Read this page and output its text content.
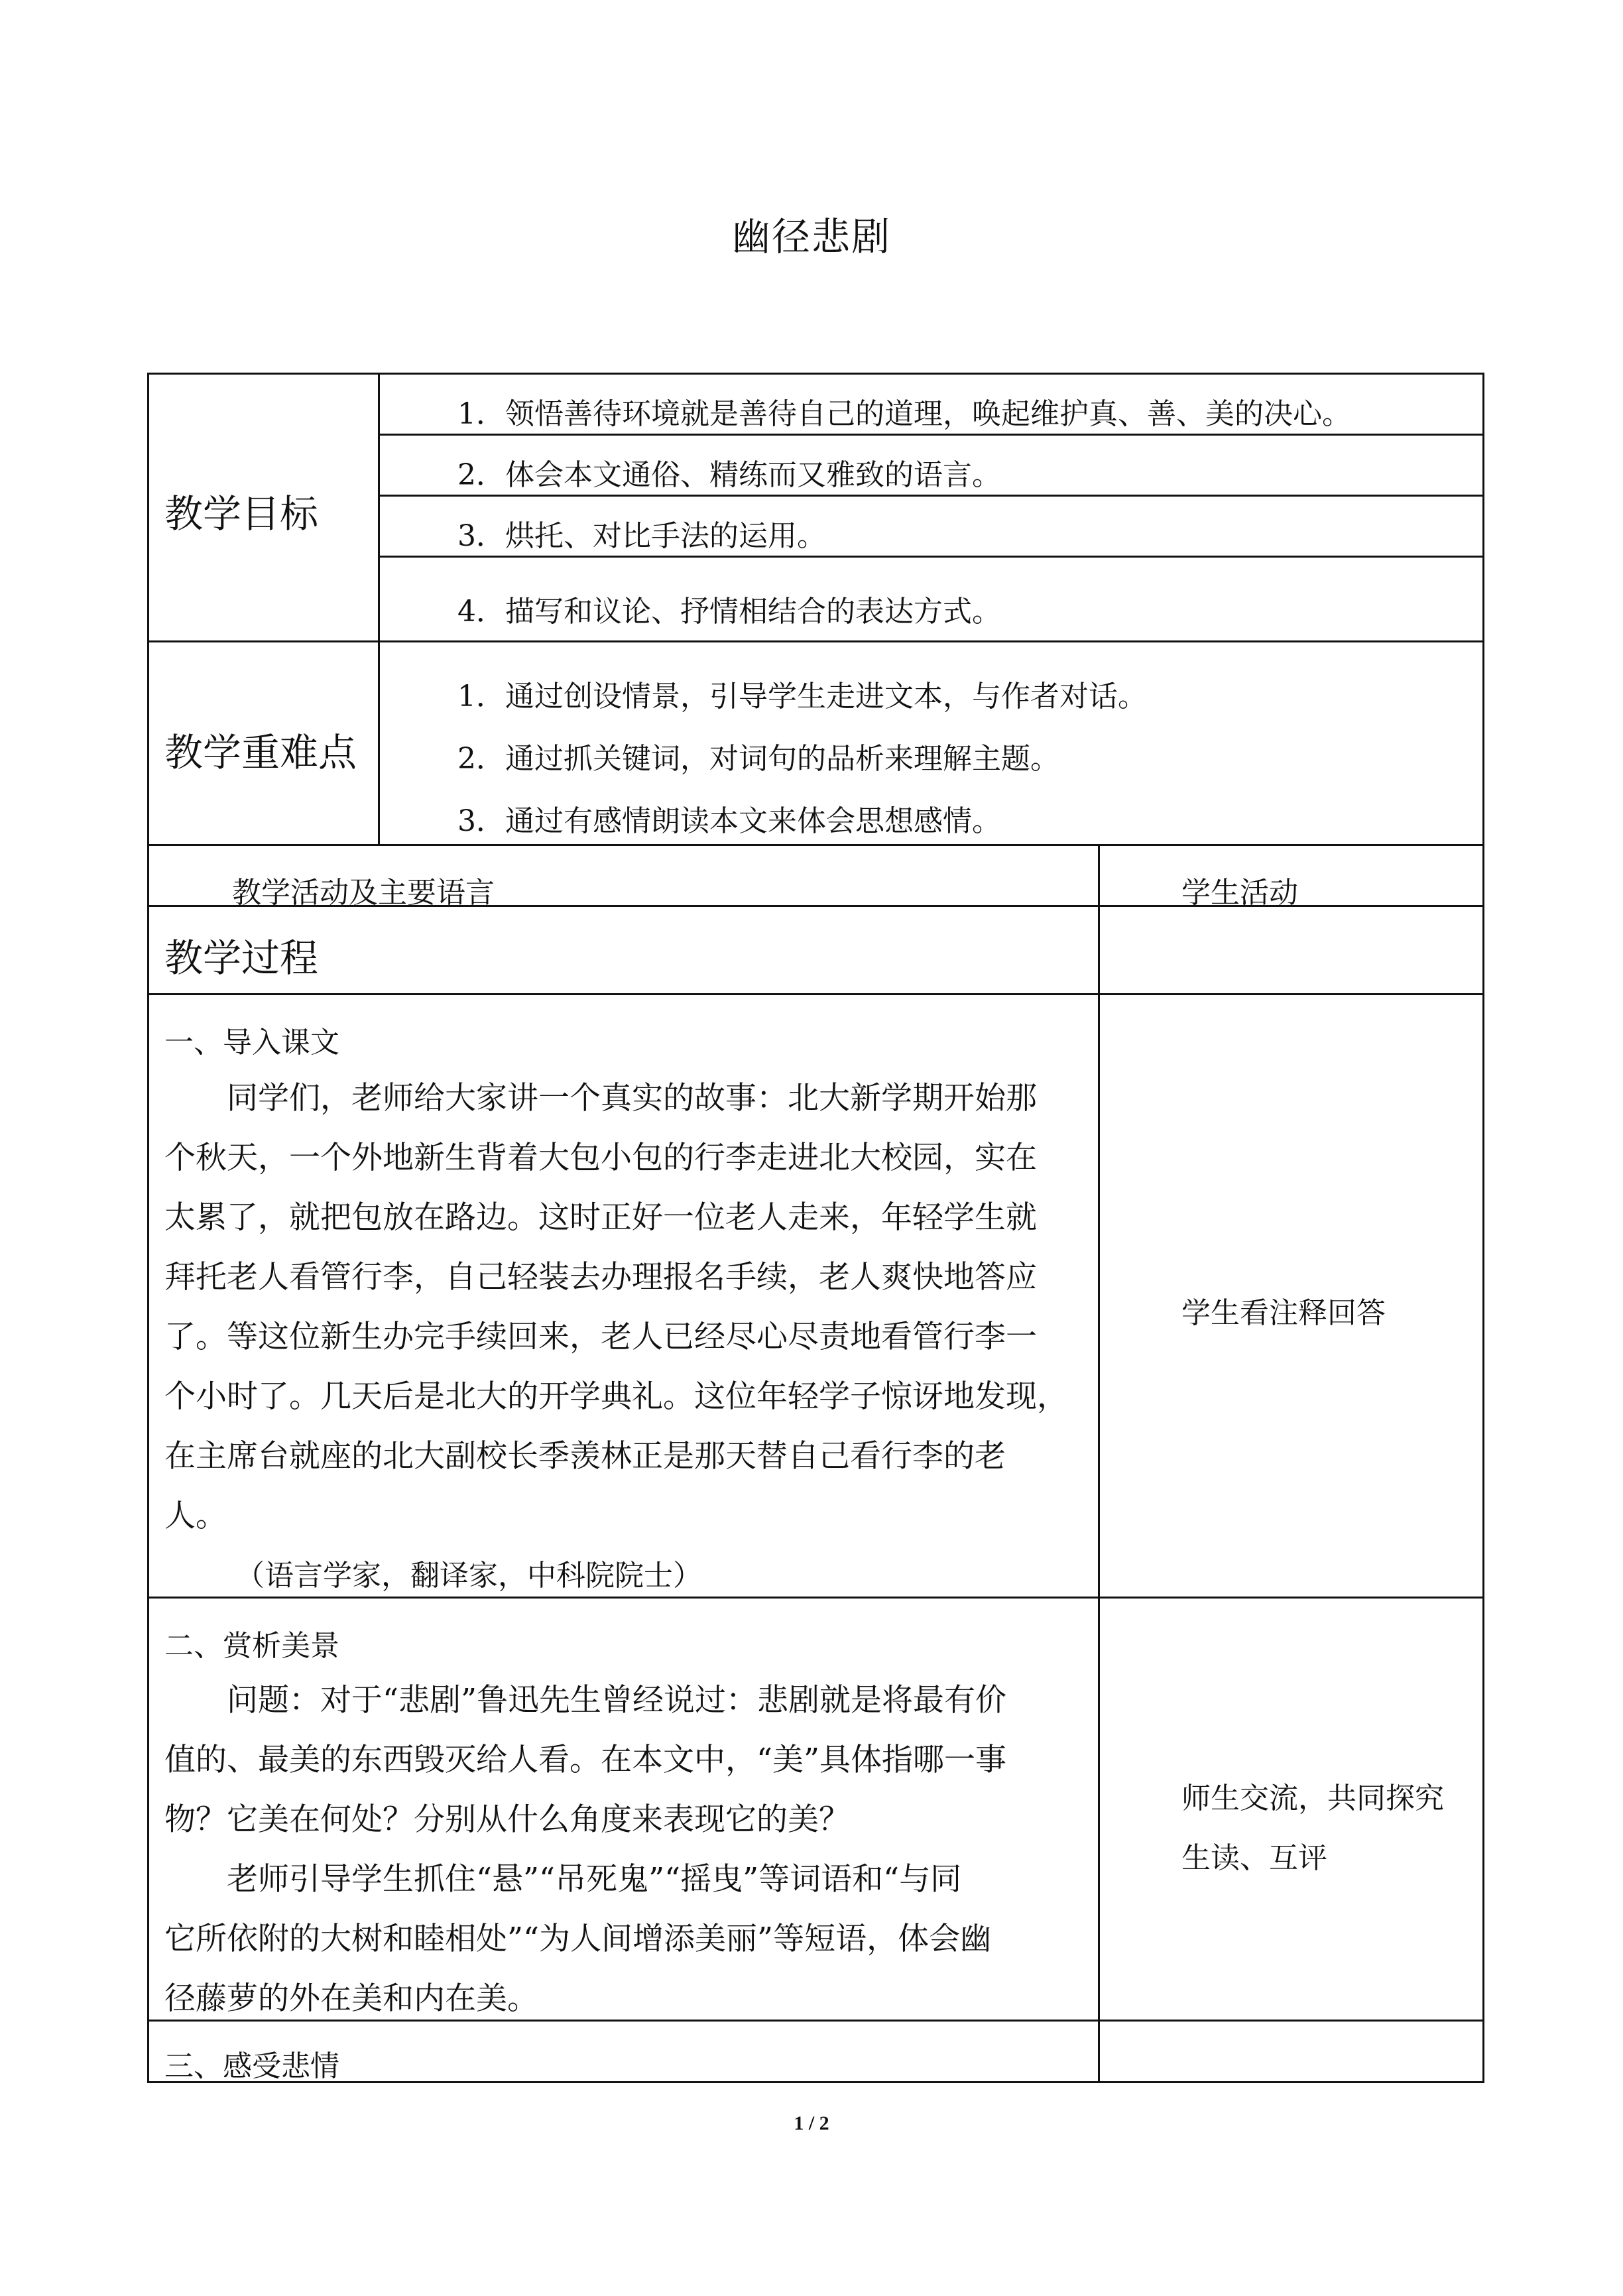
幽径悲剧
教学目标
1．领悟善待环境就是善待自己的道理，唤起维护真、善、美的决心。
2．体会本文通俗、精练而又雅致的语言。
3．烘托、对比手法的运用。
4．描写和议论、抒情相结合的表达方式。
教学重难点
1．通过创设情景，引导学生走进文本，与作者对话。
2．通过抓关键词，对词句的品析来理解主题。
3．通过有感情朗读本文来体会思想感情。
教学活动及主要语言	学生活动
教学过程
一、导入课文
同学们，老师给大家讲一个真实的故事：北大新学期开始那
个秋天，一个外地新生背着大包小包的行李走进北大校园，实在
太累了，就把包放在路边。这时正好一位老人走来，年轻学生就
拜托老人看管行李，自己轻装去办理报名手续，老人爽快地答应
了。等这位新生办完手续回来，老人已经尽心尽责地看管行李一
个小时了。几天后是北大的开学典礼。这位年轻学子惊讶地发现，
在主席台就座的北大副校长季羡林正是那天替自己看行李的老
人。
（语言学家，翻译家，中科院院士）
学生看注释回答
二、赏析美景
问题：对于“悲剧”鲁迅先生曾经说过：悲剧就是将最有价
值的、最美的东西毁灭给人看。在本文中，“美”具体指哪一事
物？它美在何处？分别从什么角度来表现它的美？
老师引导学生抓住“悬”“吊死鬼”“摇曳”等词语和“与同
它所依附的大树和睦相处”“为人间增添美丽”等短语，体会幽
径藤萝的外在美和内在美。
师生交流，共同探究
生读、互评
三、感受悲情
1 / 2
